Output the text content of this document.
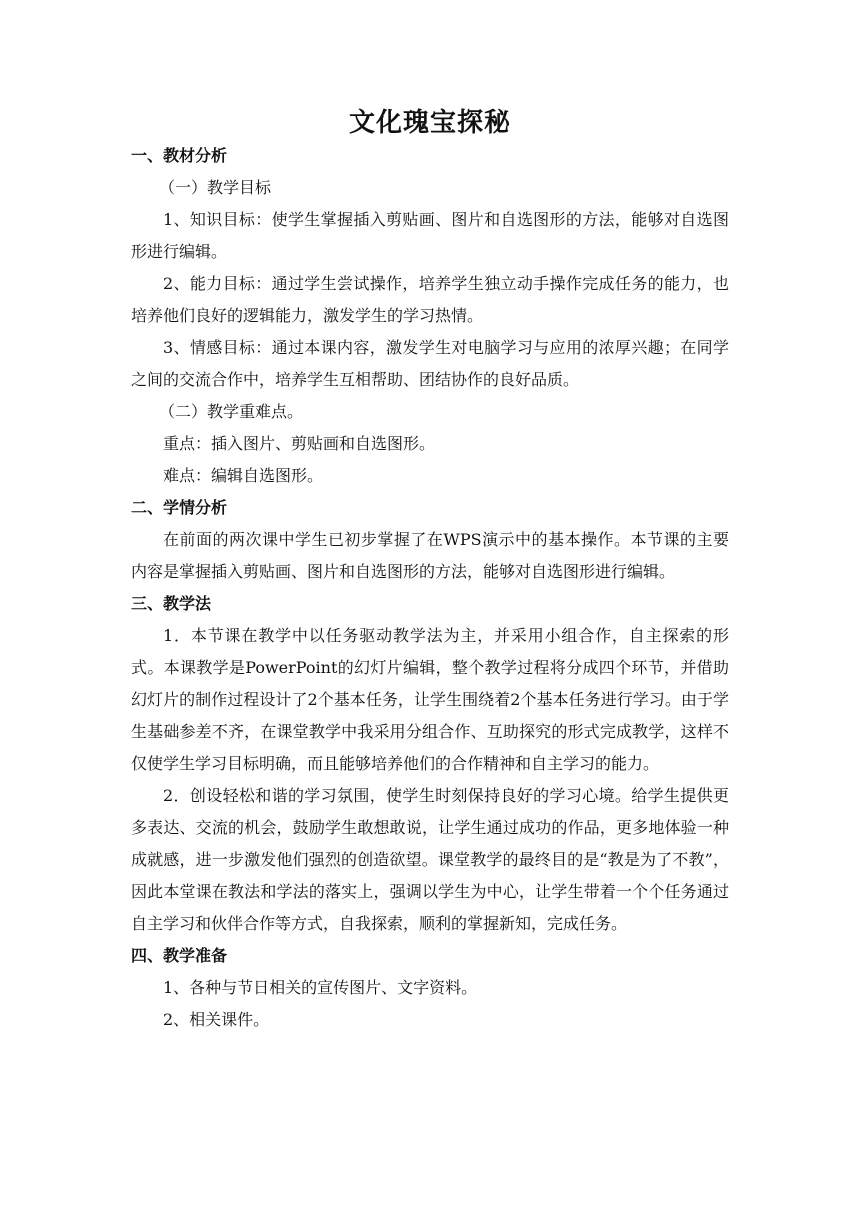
文化瑰宝探秘

一、教材分析

（一）教学目标

1、知识目标：使学生掌握插入剪贴画、图片和自选图形的方法，能够对自选图形进行编辑。

2、能力目标：通过学生尝试操作，培养学生独立动手操作完成任务的能力，也培养他们良好的逻辑能力，激发学生的学习热情。

3、情感目标：通过本课内容，激发学生对电脑学习与应用的浓厚兴趣；在同学之间的交流合作中，培养学生互相帮助、团结协作的良好品质。

（二）教学重难点。

重点：插入图片、剪贴画和自选图形。

难点：编辑自选图形。

二、学情分析

在前面的两次课中学生已初步掌握了在WPS演示中的基本操作。本节课的主要内容是掌握插入剪贴画、图片和自选图形的方法，能够对自选图形进行编辑。

三、教学法

1．本节课在教学中以任务驱动教学法为主，并采用小组合作，自主探索的形式。本课教学是PowerPoint的幻灯片编辑，整个教学过程将分成四个环节，并借助幻灯片的制作过程设计了2个基本任务，让学生围绕着2个基本任务进行学习。由于学生基础参差不齐，在课堂教学中我采用分组合作、互助探究的形式完成教学，这样不仅使学生学习目标明确，而且能够培养他们的合作精神和自主学习的能力。

2．创设轻松和谐的学习氛围，使学生时刻保持良好的学习心境。给学生提供更多表达、交流的机会，鼓励学生敢想敢说，让学生通过成功的作品，更多地体验一种成就感，进一步激发他们强烈的创造欲望。课堂教学的最终目的是“教是为了不教”，因此本堂课在教法和学法的落实上，强调以学生为中心，让学生带着一个个任务通过自主学习和伙伴合作等方式，自我探索，顺利的掌握新知，完成任务。

四、教学准备

1、各种与节日相关的宣传图片、文字资料。

2、相关课件。
